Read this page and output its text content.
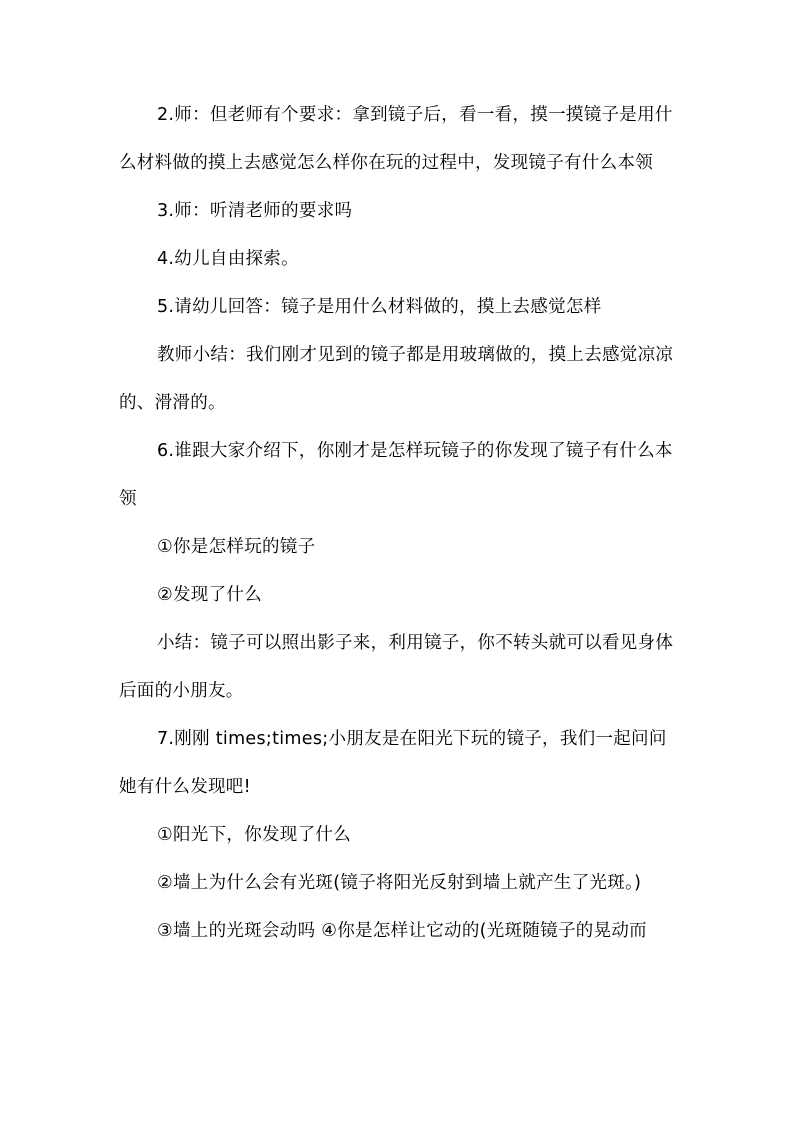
2.师：但老师有个要求：拿到镜子后，看一看，摸一摸镜子是用什么材料做的摸上去感觉怎么样你在玩的过程中，发现镜子有什么本领

3.师：听清老师的要求吗

4.幼儿自由探索。

5.请幼儿回答：镜子是用什么材料做的，摸上去感觉怎样

教师小结：我们刚才见到的镜子都是用玻璃做的，摸上去感觉凉凉的、滑滑的。

6.谁跟大家介绍下，你刚才是怎样玩镜子的你发现了镜子有什么本领

①你是怎样玩的镜子

②发现了什么

小结：镜子可以照出影子来，利用镜子，你不转头就可以看见身体后面的小朋友。

7.刚刚 times;times;小朋友是在阳光下玩的镜子，我们一起问问她有什么发现吧!

①阳光下，你发现了什么

②墙上为什么会有光斑(镜子将阳光反射到墙上就产生了光斑。)

③墙上的光斑会动吗 ④你是怎样让它动的(光斑随镜子的晃动而
